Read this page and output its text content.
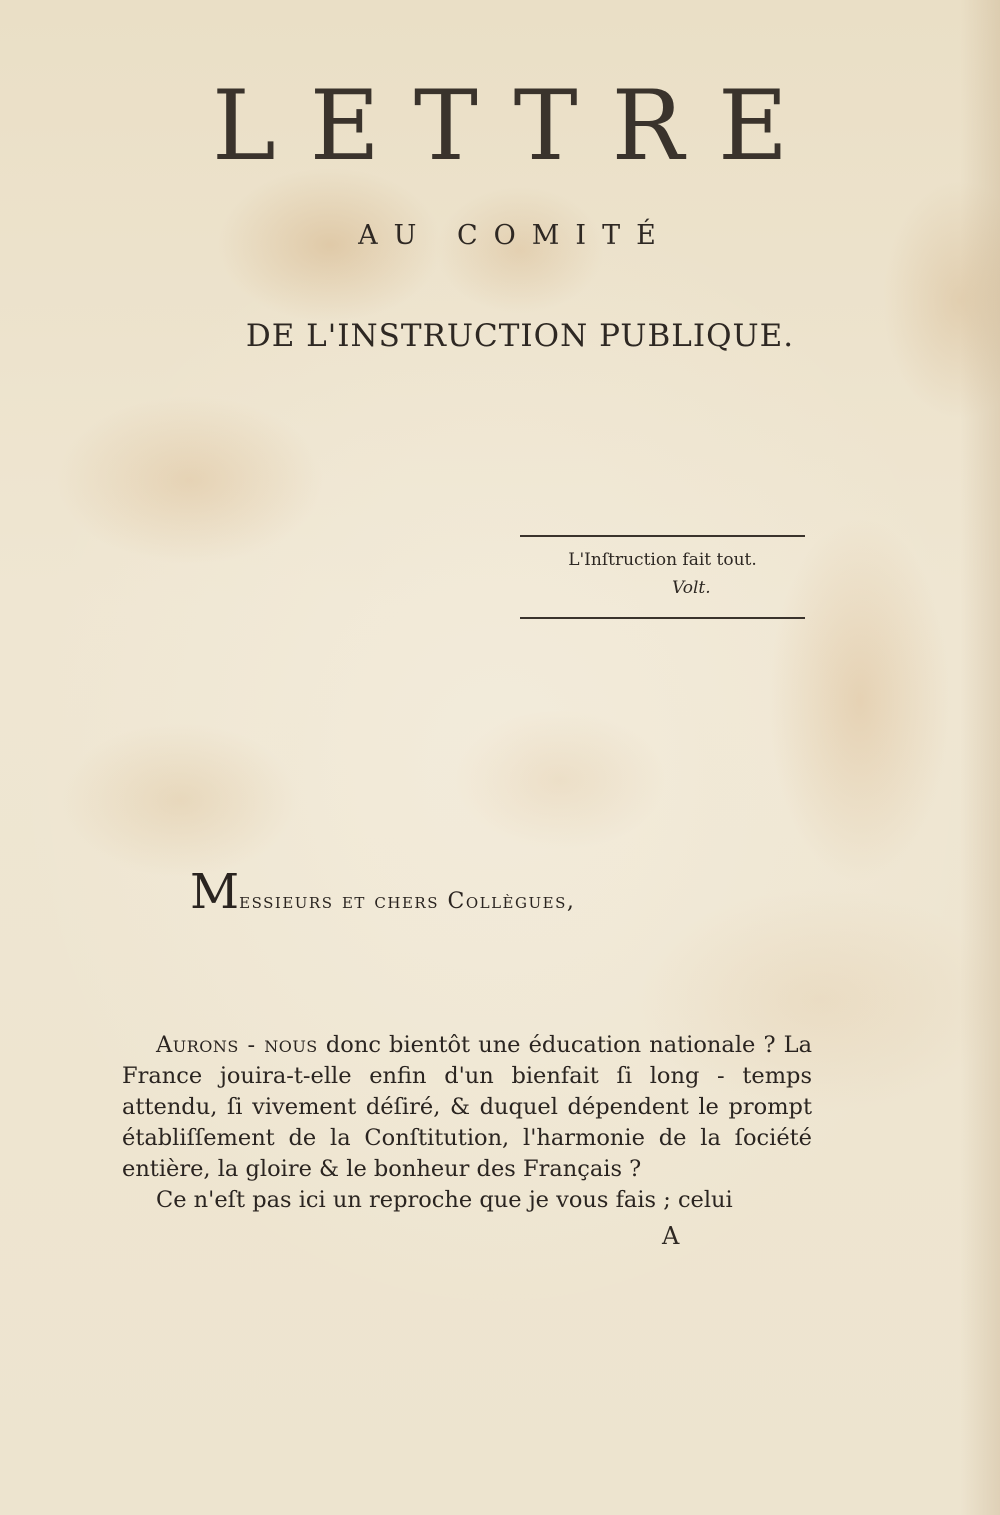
LETTRE
AU COMITÉ
DE L'INSTRUCTION PUBLIQUE.
L'Inſtruction fait tout.
Volt.
Messieurs et chers Collègues,

Aurons - nous donc bientôt une éducation nationale ? La France jouira-t-elle enfin d'un bienfait ſi long - temps attendu, ſi vivement déſiré, & duquel dépendent le prompt établiſſement de la Conſtitution, l'harmonie de la ſociété entière, la gloire & le bonheur des Français ?

Ce n'eſt pas ici un reproche que je vous fais ; celui

A
